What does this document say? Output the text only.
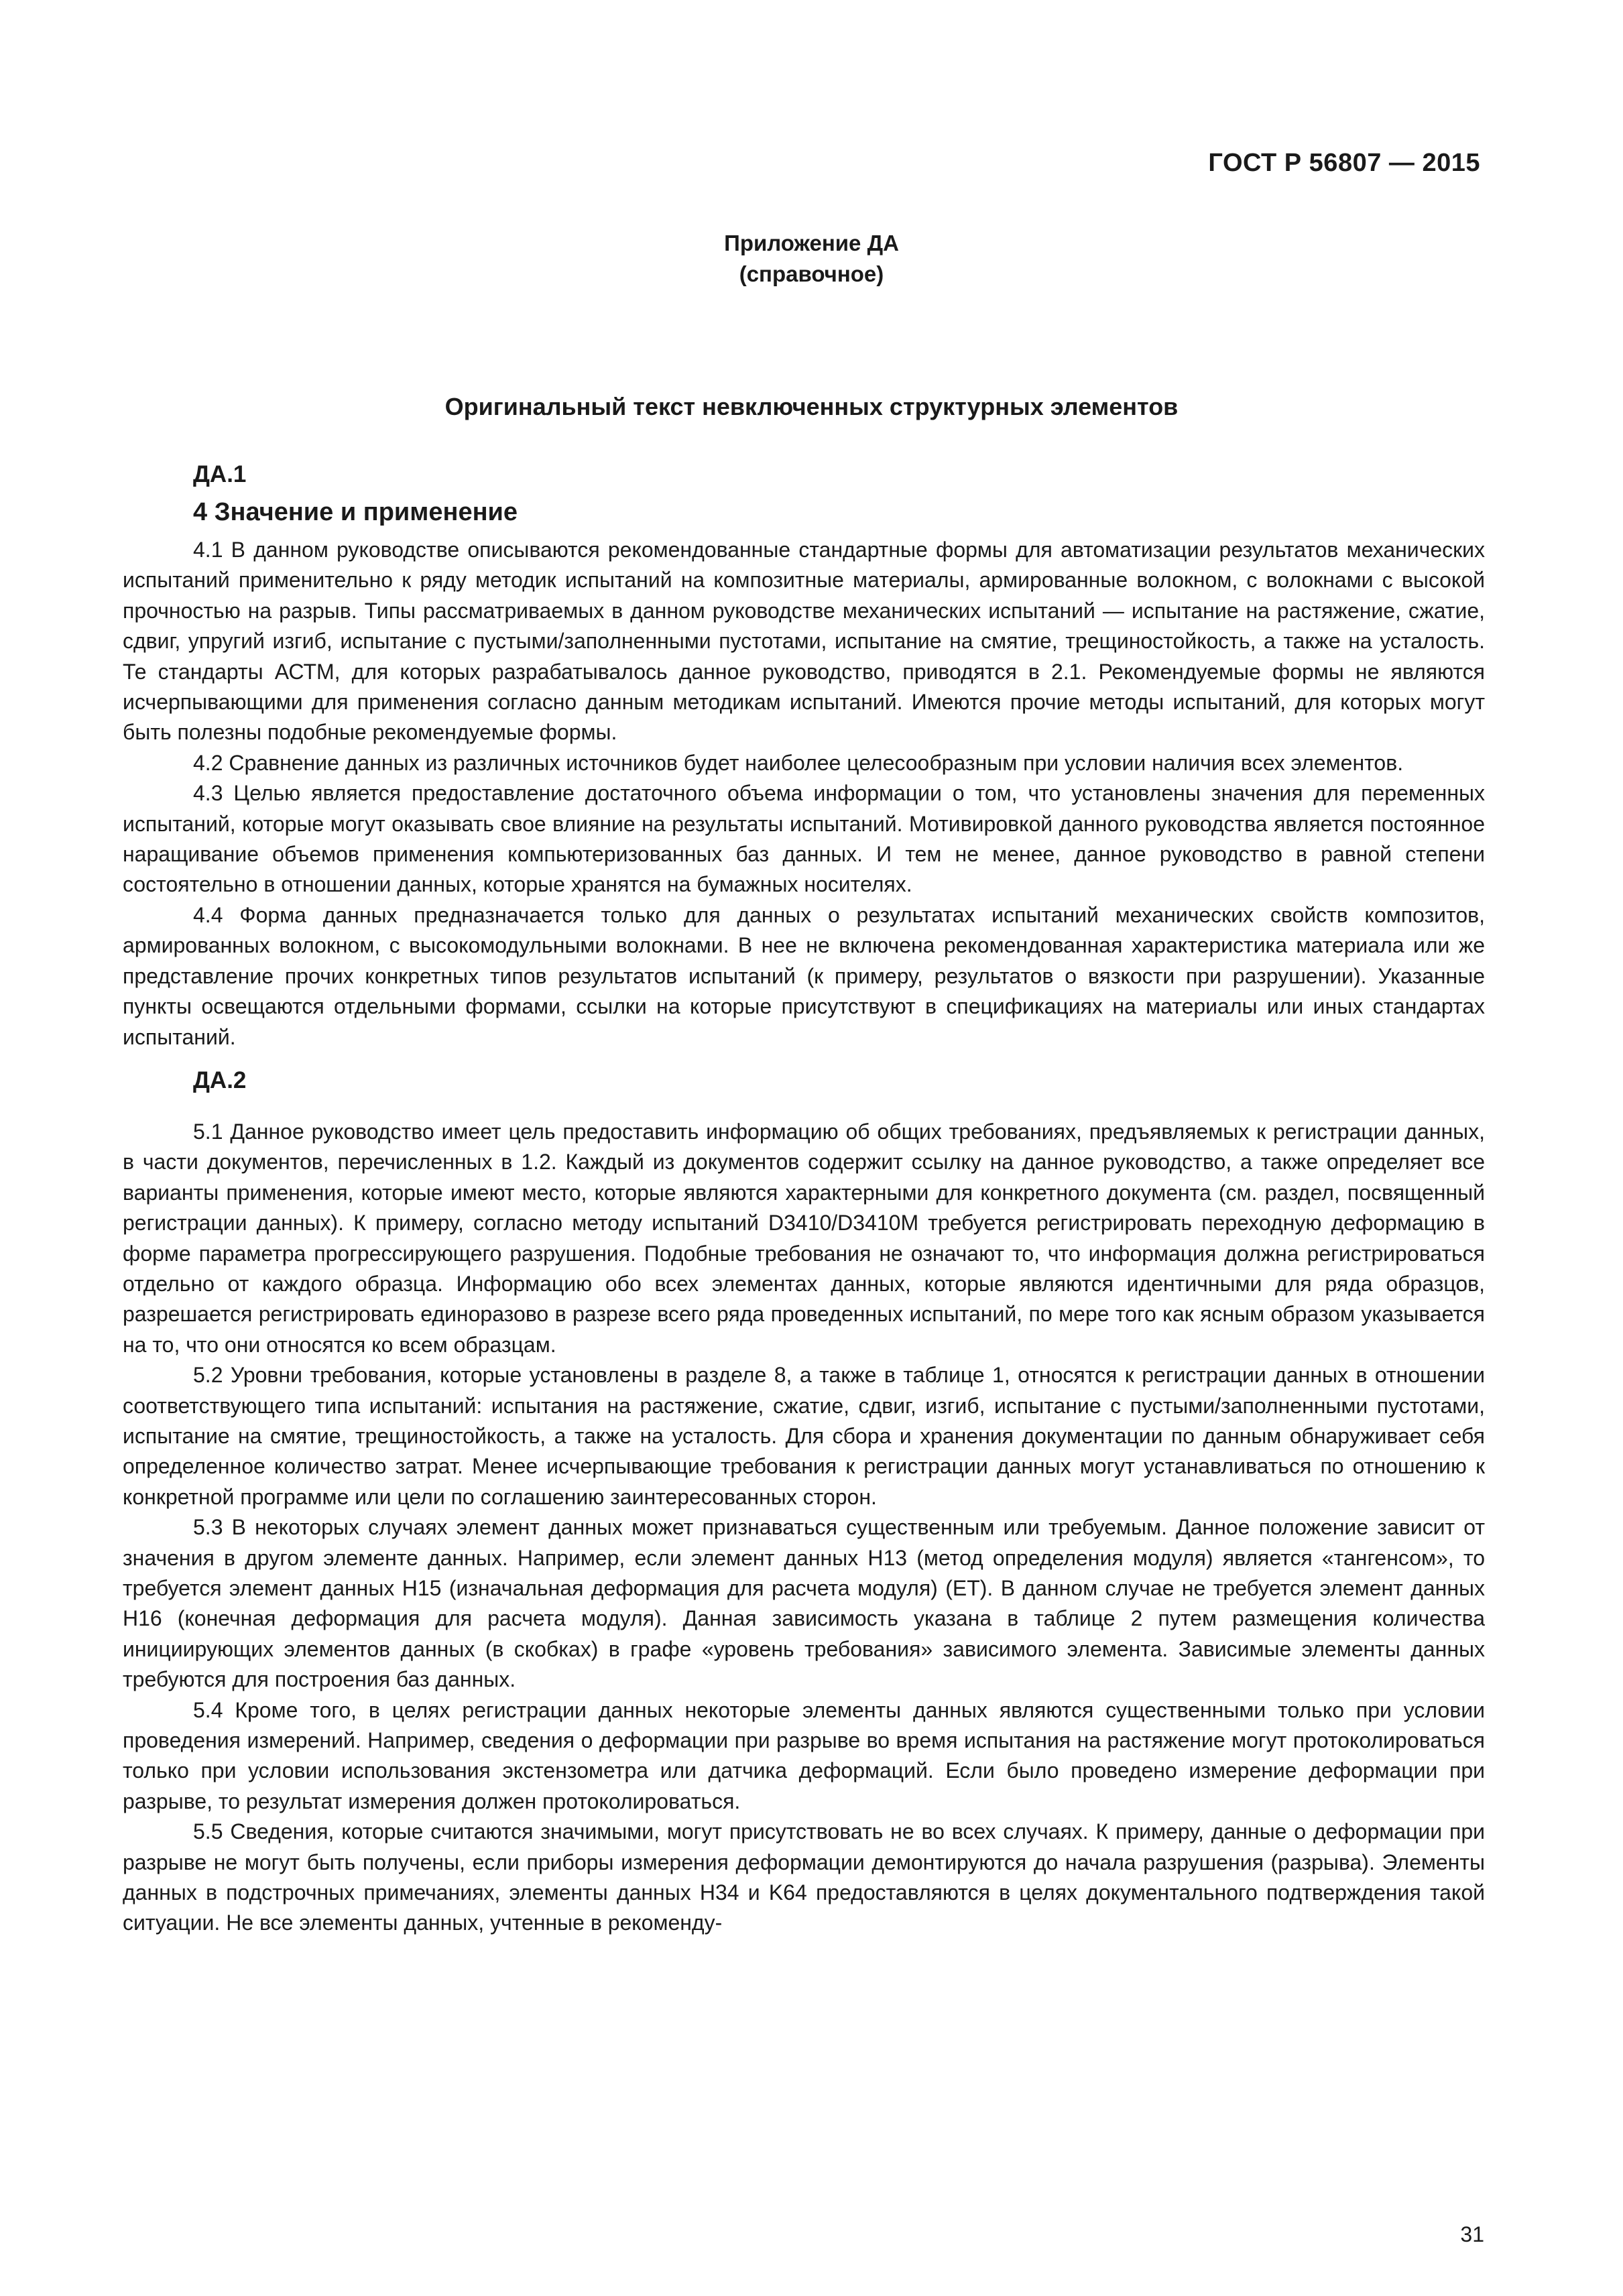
ГОСТ Р 56807 — 2015
Приложение ДА
(справочное)
Оригинальный текст невключенных структурных элементов
ДА.1
4 Значение и применение

4.1 В данном руководстве описываются рекомендованные стандартные формы для автоматизации результатов механических испытаний применительно к ряду методик испытаний на композитные материалы, армированные волокном, с волокнами с высокой прочностью на разрыв. Типы рассматриваемых в данном руководстве механических испытаний — испытание на растяжение, сжатие, сдвиг, упругий изгиб, испытание с пустыми/заполненными пустотами, испытание на смятие, трещиностойкость, а также на усталость. Те стандарты АСТМ, для которых разрабатывалось данное руководство, приводятся в 2.1. Рекомендуемые формы не являются исчерпывающими для применения согласно данным методикам испытаний. Имеются прочие методы испытаний, для которых могут быть полезны подобные рекомендуемые формы.

4.2 Сравнение данных из различных источников будет наиболее целесообразным при условии наличия всех элементов.

4.3 Целью является предоставление достаточного объема информации о том, что установлены значения для переменных испытаний, которые могут оказывать свое влияние на результаты испытаний. Мотивировкой данного руководства является постоянное наращивание объемов применения компьютеризованных баз данных. И тем не менее, данное руководство в равной степени состоятельно в отношении данных, которые хранятся на бумажных носителях.

4.4 Форма данных предназначается только для данных о результатах испытаний механических свойств композитов, армированных волокном, с высокомодульными волокнами. В нее не включена рекомендованная характеристика материала или же представление прочих конкретных типов результатов испытаний (к примеру, результатов о вязкости при разрушении). Указанные пункты освещаются отдельными формами, ссылки на которые присутствуют в спецификациях на материалы или иных стандартах испытаний.

ДА.2

5.1 Данное руководство имеет цель предоставить информацию об общих требованиях, предъявляемых к регистрации данных, в части документов, перечисленных в 1.2. Каждый из документов содержит ссылку на данное руководство, а также определяет все варианты применения, которые имеют место, которые являются характерными для конкретного документа (см. раздел, посвященный регистрации данных). К примеру, согласно методу испытаний D3410/D3410M требуется регистрировать переходную деформацию в форме параметра прогрессирующего разрушения. Подобные требования не означают то, что информация должна регистрироваться отдельно от каждого образца. Информацию обо всех элементах данных, которые являются идентичными для ряда образцов, разрешается регистрировать единоразово в разрезе всего ряда проведенных испытаний, по мере того как ясным образом указывается на то, что они относятся ко всем образцам.

5.2 Уровни требования, которые установлены в разделе 8, а также в таблице 1, относятся к регистрации данных в отношении соответствующего типа испытаний: испытания на растяжение, сжатие, сдвиг, изгиб, испытание с пустыми/заполненными пустотами, испытание на смятие, трещиностойкость, а также на усталость. Для сбора и хранения документации по данным обнаруживает себя определенное количество затрат. Менее исчерпывающие требования к регистрации данных могут устанавливаться по отношению к конкретной программе или цели по соглашению заинтересованных сторон.

5.3 В некоторых случаях элемент данных может признаваться существенным или требуемым. Данное положение зависит от значения в другом элементе данных. Например, если элемент данных Н13 (метод определения модуля) является «тангенсом», то требуется элемент данных Н15 (изначальная деформация для расчета модуля) (ЕТ). В данном случае не требуется элемент данных Н16 (конечная деформация для расчета модуля). Данная зависимость указана в таблице 2 путем размещения количества инициирующих элементов данных (в скобках) в графе «уровень требования» зависимого элемента. Зависимые элементы данных требуются для построения баз данных.

5.4 Кроме того, в целях регистрации данных некоторые элементы данных являются существенными только при условии проведения измерений. Например, сведения о деформации при разрыве во время испытания на растяжение могут протоколироваться только при условии использования экстензометра или датчика деформаций. Если было проведено измерение деформации при разрыве, то результат измерения должен протоколироваться.

5.5 Сведения, которые считаются значимыми, могут присутствовать не во всех случаях. К примеру, данные о деформации при разрыве не могут быть получены, если приборы измерения деформации демонтируются до начала разрушения (разрыва). Элементы данных в подстрочных примечаниях, элементы данных Н34 и K64 предоставляются в целях документального подтверждения такой ситуации. Не все элементы данных, учтенные в рекоменду-

31
